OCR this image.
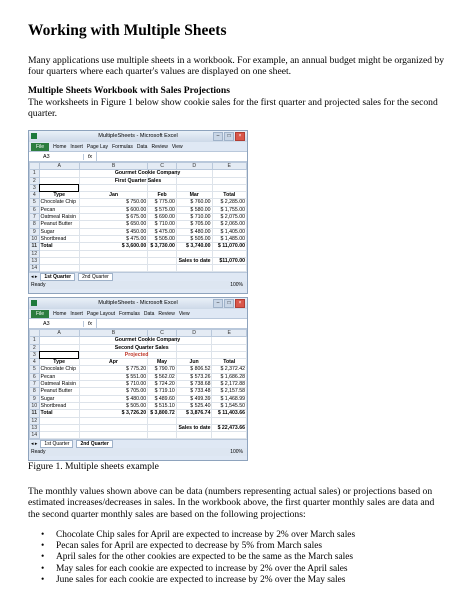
Working with Multiple Sheets

Many applications use multiple sheets in a workbook. For example, an annual budget might be organized by four quarters where each quarter's values are displayed on one sheet.

Multiple Sheets Workbook with Sales Projections

The worksheets in Figure 1 below show cookie sales for the first quarter and projected sales for the second quarter.

MultipleSheets - Microsoft Excel	–	□	×
File	Home Insert Page Lay Formulas Data Review View
A3	fx
	A	B	C	D	E
1		Gourmet Cookie Company			
2		First Quarter Sales			
3					
4	Type	Jan	Feb	Mar	Total
5	Chocolate Chip	$ 750.00	$ 775.00	$ 760.00	$ 2,285.00
6	Pecan	$ 600.00	$ 575.00	$ 580.00	$ 1,755.00
7	Oatmeal Raisin	$ 675.00	$ 690.00	$ 710.00	$ 2,075.00
8	Peanut Butter	$ 650.00	$ 710.00	$ 705.00	$ 2,065.00
9	Sugar	$ 450.00	$ 475.00	$ 480.00	$ 1,405.00
10	Shortbread	$ 475.00	$ 505.00	$ 505.00	$ 1,485.00
11	Total	$ 3,600.00	$ 3,730.00	$ 3,740.00	$ 11,070.00
12					
13				Sales to date	$11,070.00
14					
◂ ▸	1st Quarter	2nd Quarter
Ready	100%
MultipleSheets - Microsoft Excel	–	□	×
File	Home Insert Page Layout Formulas Data Review View
A3	fx
	A	B	C	D	E
1		Gourmet Cookie Company			
2		Second Quarter Sales			
3		Projected			
4	Type	Apr	May	Jun	Total
5	Chocolate Chip	$ 775.20	$ 790.70	$ 806.52	$ 2,372.42
6	Pecan	$ 551.00	$ 562.02	$ 573.26	$ 1,686.28
7	Oatmeal Raisin	$ 710.00	$ 724.20	$ 738.68	$ 2,172.88
8	Peanut Butter	$ 705.00	$ 719.10	$ 733.48	$ 2,157.58
9	Sugar	$ 480.00	$ 489.60	$ 499.39	$ 1,468.99
10	Shortbread	$ 505.00	$ 515.10	$ 525.40	$ 1,545.50
11	Total	$ 3,726.20	$ 3,800.72	$ 3,876.74	$ 11,403.66
12					
13				Sales to date	$ 22,473.66
14					
◂ ▸	1st Quarter	2nd Quarter
Ready	100%

Figure 1. Multiple sheets example

The monthly values shown above can be data (numbers representing actual sales) or projections based on estimated increases/decreases in sales. In the workbook above, the first quarter monthly sales are data and the second quarter monthly sales are based on the following projections:

• Chocolate Chip sales for April are expected to increase by 2% over March sales
• Pecan sales for April are expected to decrease by 5% from March sales
• April sales for the other cookies are expected to be the same as the March sales
• May sales for each cookie are expected to increase by 2% over the April sales
• June sales for each cookie are expected to increase by 2% over the May sales
